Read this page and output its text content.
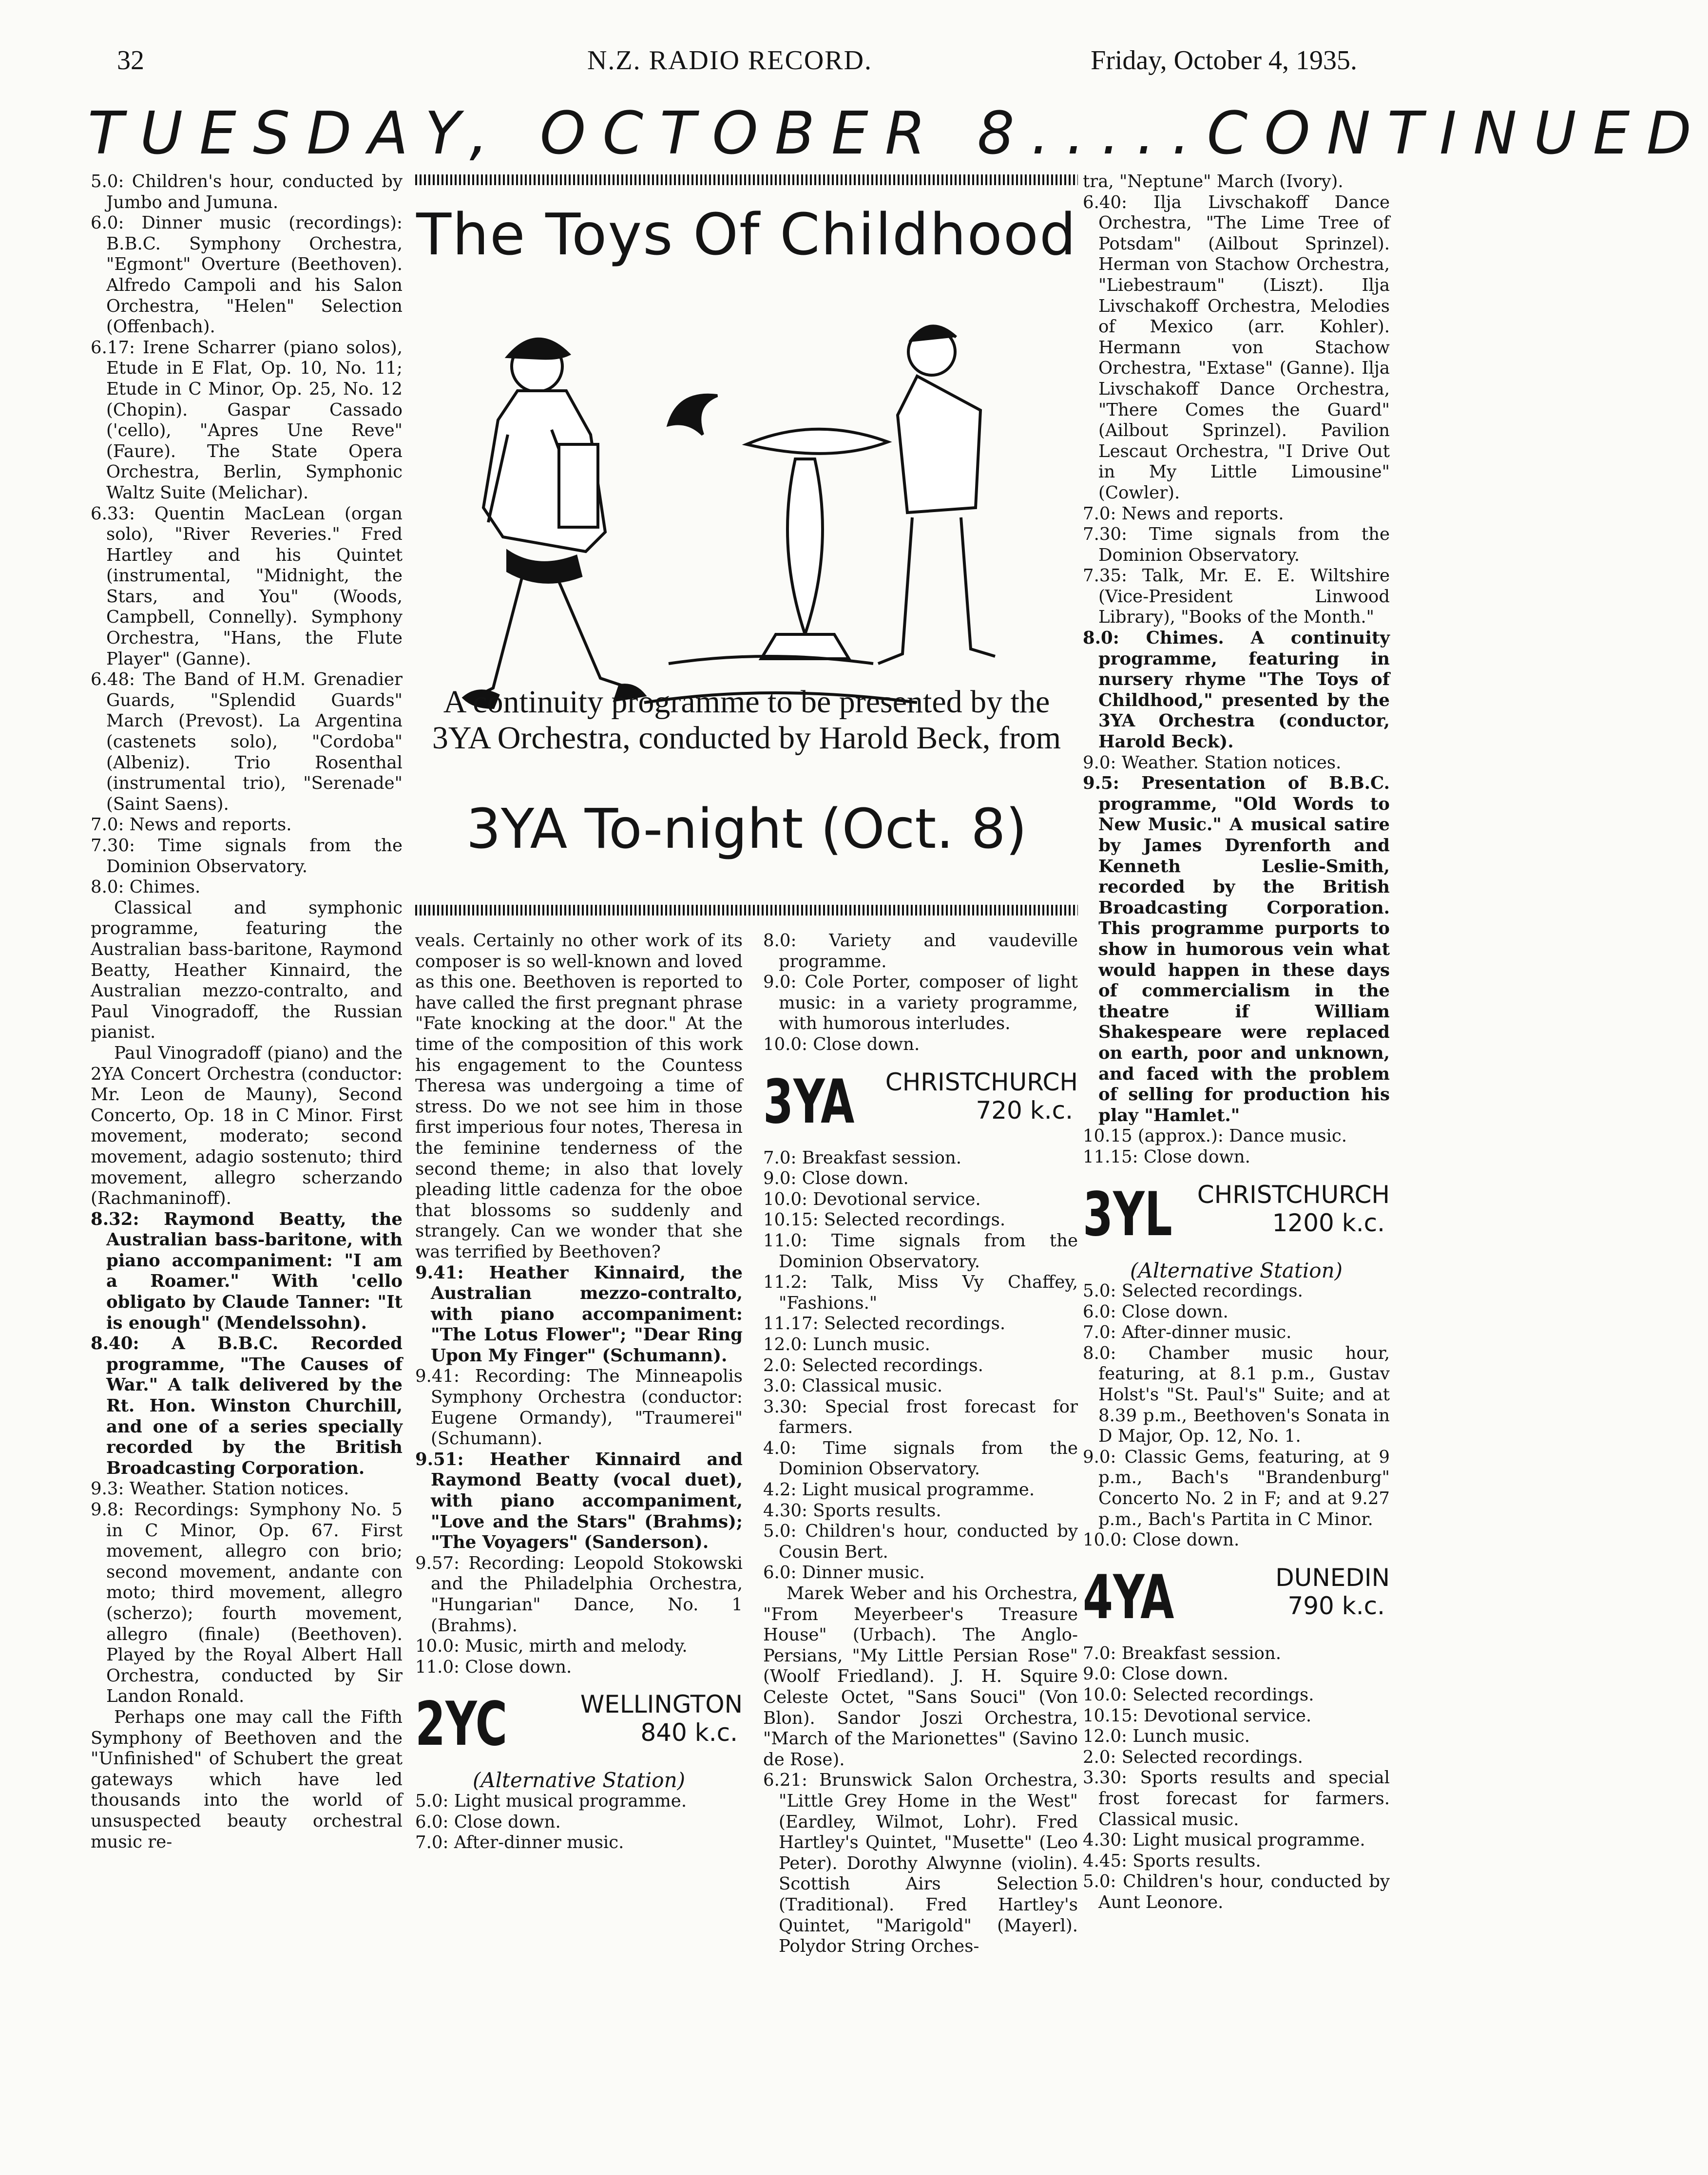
32	N.Z. RADIO RECORD.	Friday, October 4, 1935.
TUESDAY, OCTOBER 8.....CONTINUED

5.0: Children's hour, conducted by Jumbo and Jumuna.

6.0: Dinner music (recordings): B.B.C. Symphony Orchestra, "Egmont" Overture (Beethoven). Alfredo Campoli and his Salon Orchestra, "Helen" Selection (Offenbach).

6.17: Irene Scharrer (piano solos), Etude in E Flat, Op. 10, No. 11; Etude in C Minor, Op. 25, No. 12 (Chopin). Gaspar Cassado ('cello), "Apres Une Reve" (Faure). The State Opera Orchestra, Berlin, Symphonic Waltz Suite (Melichar).

6.33: Quentin MacLean (organ solo), "River Reveries." Fred Hartley and his Quintet (instrumental, "Midnight, the Stars, and You" (Woods, Campbell, Connelly). Symphony Orchestra, "Hans, the Flute Player" (Ganne).

6.48: The Band of H.M. Grenadier Guards, "Splendid Guards" March (Prevost). La Argentina (castenets solo), "Cordoba" (Albeniz). Trio Rosenthal (instrumental trio), "Serenade" (Saint Saens).

7.0: News and reports.

7.30: Time signals from the Dominion Observatory.

8.0: Chimes.

Classical and symphonic programme, featuring the Australian bass-baritone, Raymond Beatty, Heather Kinnaird, the Australian mezzo-contralto, and Paul Vinogradoff, the Russian pianist.

Paul Vinogradoff (piano) and the 2YA Concert Orchestra (conductor: Mr. Leon de Mauny), Second Concerto, Op. 18 in C Minor. First movement, moderato; second movement, adagio sostenuto; third movement, allegro scherzando (Rachmaninoff).

8.32: Raymond Beatty, the Australian bass-baritone, with piano accompaniment: "I am a Roamer." With 'cello obligato by Claude Tanner: "It is enough" (Mendelssohn).

8.40: A B.B.C. Recorded programme, "The Causes of War." A talk delivered by the Rt. Hon. Winston Churchill, and one of a series specially recorded by the British Broadcasting Corporation.

9.3: Weather. Station notices.

9.8: Recordings: Symphony No. 5 in C Minor, Op. 67. First movement, allegro con brio; second movement, andante con moto; third movement, allegro (scherzo); fourth movement, allegro (finale) (Beethoven). Played by the Royal Albert Hall Orchestra, conducted by Sir Landon Ronald.

Perhaps one may call the Fifth Symphony of Beethoven and the "Unfinished" of Schubert the great gateways which have led thousands into the world of unsuspected beauty orchestral music re-

The Toys Of Childhood
A continuity programme to be presented by the 3YA Orchestra, conducted by Harold Beck, from
3YA To-night (Oct. 8)

veals. Certainly no other work of its composer is so well-known and loved as this one. Beethoven is reported to have called the first pregnant phrase "Fate knocking at the door." At the time of the composition of this work his engagement to the Countess Theresa was undergoing a time of stress. Do we not see him in those first imperious four notes, Theresa in the feminine tenderness of the second theme; in also that lovely pleading little cadenza for the oboe that blossoms so suddenly and strangely. Can we wonder that she was terrified by Beethoven?

9.41: Heather Kinnaird, the Australian mezzo-contralto, with piano accompaniment: "The Lotus Flower"; "Dear Ring Upon My Finger" (Schumann).

9.41: Recording: The Minneapolis Symphony Orchestra (conductor: Eugene Ormandy), "Traumerei" (Schumann).

9.51: Heather Kinnaird and Raymond Beatty (vocal duet), with piano accompaniment, "Love and the Stars" (Brahms); "The Voyagers" (Sanderson).

9.57: Recording: Leopold Stokowski and the Philadelphia Orchestra, "Hungarian" Dance, No. 1 (Brahms).

10.0: Music, mirth and melody.

11.0: Close down.

2YC	WELLINGTON
840 k.c.

(Alternative Station)

5.0: Light musical programme.

6.0: Close down.

7.0: After-dinner music.

8.0: Variety and vaudeville programme.

9.0: Cole Porter, composer of light music: in a variety programme, with humorous interludes.

10.0: Close down.

3YA CHRISTCHURCH
720 k.c.

7.0: Breakfast session.

9.0: Close down.

10.0: Devotional service.

10.15: Selected recordings.

11.0: Time signals from the Dominion Observatory.

11.2: Talk, Miss Vy Chaffey, "Fashions."

11.17: Selected recordings.

12.0: Lunch music.

2.0: Selected recordings.

3.0: Classical music.

3.30: Special frost forecast for farmers.

4.0: Time signals from the Dominion Observatory.

4.2: Light musical programme.

4.30: Sports results.

5.0: Children's hour, conducted by Cousin Bert.

6.0: Dinner music.

Marek Weber and his Orchestra, "From Meyerbeer's Treasure House" (Urbach). The Anglo-Persians, "My Little Persian Rose" (Woolf Friedland). J. H. Squire Celeste Octet, "Sans Souci" (Von Blon). Sandor Joszi Orchestra, "March of the Marionettes" (Savino de Rose).

6.21: Brunswick Salon Orchestra, "Little Grey Home in the West" (Eardley, Wilmot, Lohr). Fred Hartley's Quintet, "Musette" (Leo Peter). Dorothy Alwynne (violin). Scottish Airs Selection (Traditional). Fred Hartley's Quintet, "Marigold" (Mayerl). Polydor String Orches-

tra, "Neptune" March (Ivory).

6.40: Ilja Livschakoff Dance Orchestra, "The Lime Tree of Potsdam" (Ailbout Sprinzel). Herman von Stachow Orchestra, "Liebestraum" (Liszt). Ilja Livschakoff Orchestra, Melodies of Mexico (arr. Kohler). Hermann von Stachow Orchestra, "Extase" (Ganne). Ilja Livschakoff Dance Orchestra, "There Comes the Guard" (Ailbout Sprinzel). Pavilion Lescaut Orchestra, "I Drive Out in My Little Limousine" (Cowler).

7.0: News and reports.

7.30: Time signals from the Dominion Observatory.

7.35: Talk, Mr. E. E. Wiltshire (Vice-President Linwood Library), "Books of the Month."

8.0: Chimes. A continuity programme, featuring in nursery rhyme "The Toys of Childhood," presented by the 3YA Orchestra (conductor, Harold Beck).

9.0: Weather. Station notices.

9.5: Presentation of B.B.C. programme, "Old Words to New Music." A musical satire by James Dyrenforth and Kenneth Leslie-Smith, recorded by the British Broadcasting Corporation. This programme purports to show in humorous vein what would happen in these days of commercialism in the theatre if William Shakespeare were replaced on earth, poor and unknown, and faced with the problem of selling for production his play "Hamlet."

10.15 (approx.): Dance music.

11.15: Close down.

3YL CHRISTCHURCH
1200 k.c.

(Alternative Station)

5.0: Selected recordings.

6.0: Close down.

7.0: After-dinner music.

8.0: Chamber music hour, featuring, at 8.1 p.m., Gustav Holst's "St. Paul's" Suite; and at 8.39 p.m., Beethoven's Sonata in D Major, Op. 12, No. 1.

9.0: Classic Gems, featuring, at 9 p.m., Bach's "Brandenburg" Concerto No. 2 in F; and at 9.27 p.m., Bach's Partita in C Minor.

10.0: Close down.

4YA	DUNEDIN
790 k.c.

7.0: Breakfast session.

9.0: Close down.

10.0: Selected recordings.

10.15: Devotional service.

12.0: Lunch music.

2.0: Selected recordings.

3.30: Sports results and special frost forecast for farmers. Classical music.

4.30: Light musical programme.

4.45: Sports results.

5.0: Children's hour, conducted by Aunt Leonore.
